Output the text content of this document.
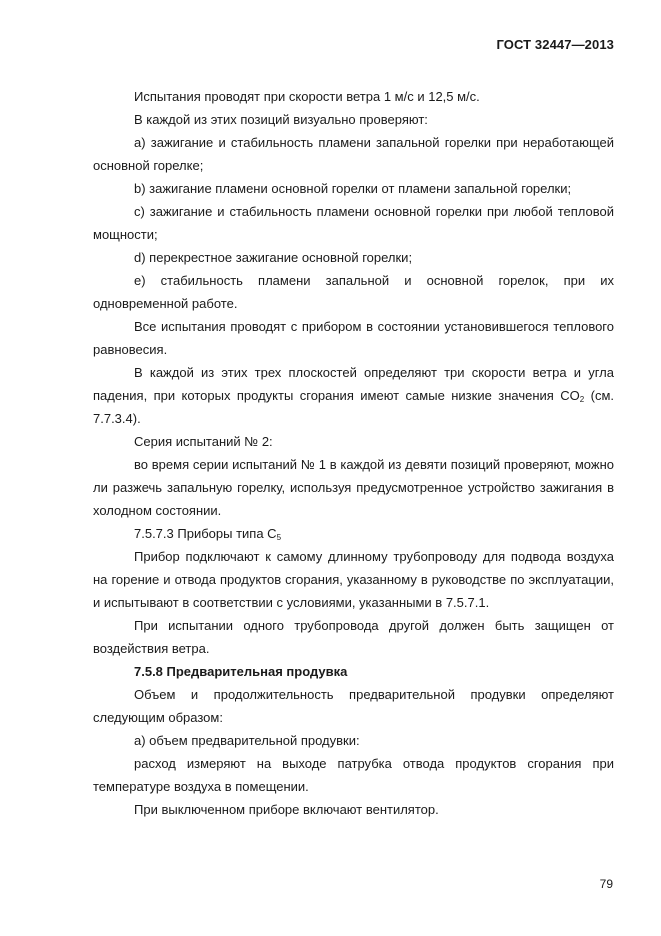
ГОСТ 32447—2013

Испытания проводят при скорости ветра 1 м/с и 12,5 м/с.

В каждой из этих позиций визуально проверяют:

а) зажигание и стабильность пламени запальной горелки при неработающей основной горелке;

b) зажигание пламени основной горелки от пламени запальной горелки;

c) зажигание и стабильность пламени основной горелки при любой тепловой мощности;

d) перекрестное зажигание основной горелки;

e) стабильность пламени запальной и основной горелок, при их одновременной работе.

Все испытания проводят с прибором в состоянии установившегося теплового равновесия.

В каждой из этих трех плоскостей определяют три скорости ветра и угла падения, при которых продукты сгорания имеют самые низкие значения $CO_2$ (см. 7.7.3.4).

Серия испытаний № 2:

во время серии испытаний № 1 в каждой из девяти позиций проверяют, можно ли разжечь запальную горелку, используя предусмотренное устройство зажигания в холодном состоянии.

7.5.7.3 Приборы типа $C_5$

Прибор подключают к самому длинному трубопроводу для подвода воздуха на горение и отвода продуктов сгорания, указанному в руководстве по эксплуатации, и испытывают в соответствии с условиями, указанными в 7.5.7.1.

При испытании одного трубопровода другой должен быть защищен от воздействия ветра.

7.5.8 Предварительная продувка

Объем и продолжительность предварительной продувки определяют следующим образом:

а) объем предварительной продувки:

расход измеряют на выходе патрубка отвода продуктов сгорания при температуре воздуха в помещении.

При выключенном приборе включают вентилятор.

79
